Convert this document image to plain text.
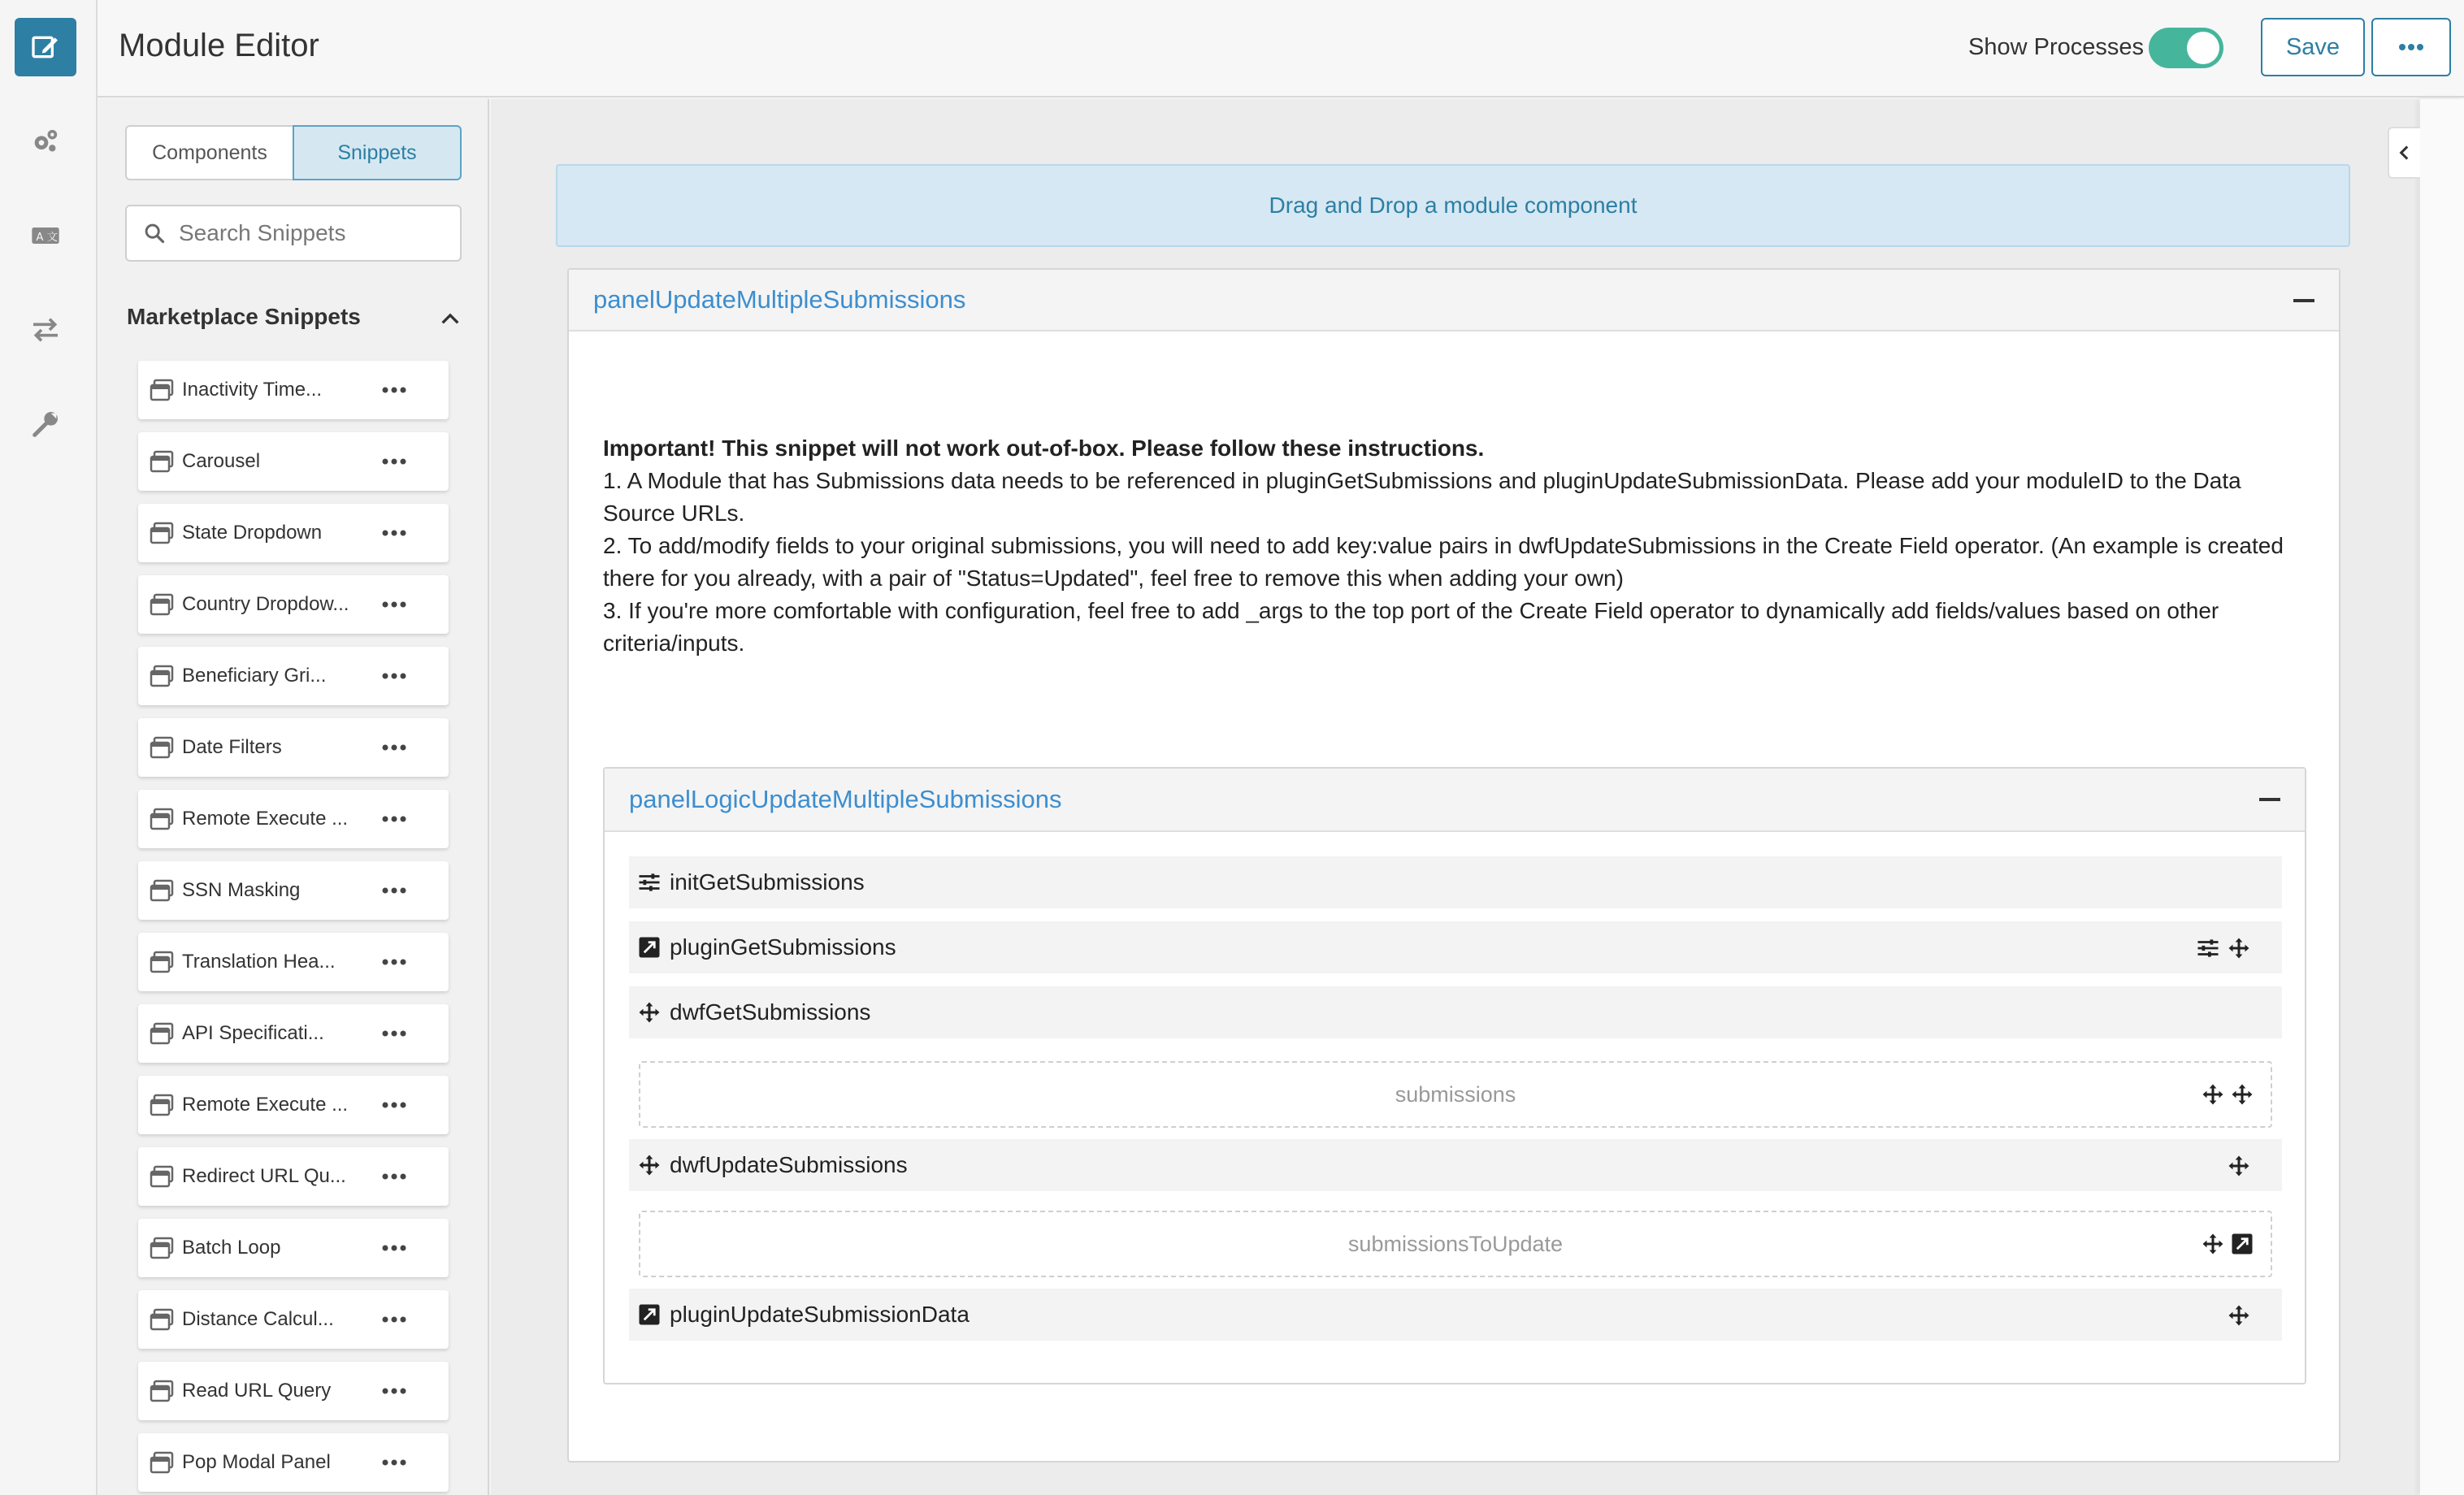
A 文
Module Editor	Show Processes	Save
Components	Snippets
Search Snippets
Marketplace Snippets
Inactivity Time...
Carousel
State Dropdown
Country Dropdow...
Beneficiary Gri...
Date Filters
Remote Execute ...
SSN Masking
Translation Hea...
API Specificati...
Remote Execute ...
Redirect URL Qu...
Batch Loop
Distance Calcul...
Read URL Query
Pop Modal Panel
Drag and Drop a module component
panelUpdateMultipleSubmissions
Important! This snippet will not work out-of-box. Please follow these instructions.
1. A Module that has Submissions data needs to be referenced in pluginGetSubmissions and pluginUpdateSubmissionData. Please add your moduleID to the Data Source URLs.
2. To add/modify fields to your original submissions, you will need to add key:value pairs in dwfUpdateSubmissions in the Create Field operator. (An example is created there for you already, with a pair of "Status=Updated", feel free to remove this when adding your own)
3. If you're more comfortable with configuration, feel free to add _args to the top port of the Create Field operator to dynamically add fields/values based on other criteria/inputs.
panelLogicUpdateMultipleSubmissions
initGetSubmissions
pluginGetSubmissions
dwfGetSubmissions
submissions
dwfUpdateSubmissions
submissionsToUpdate
pluginUpdateSubmissionData
